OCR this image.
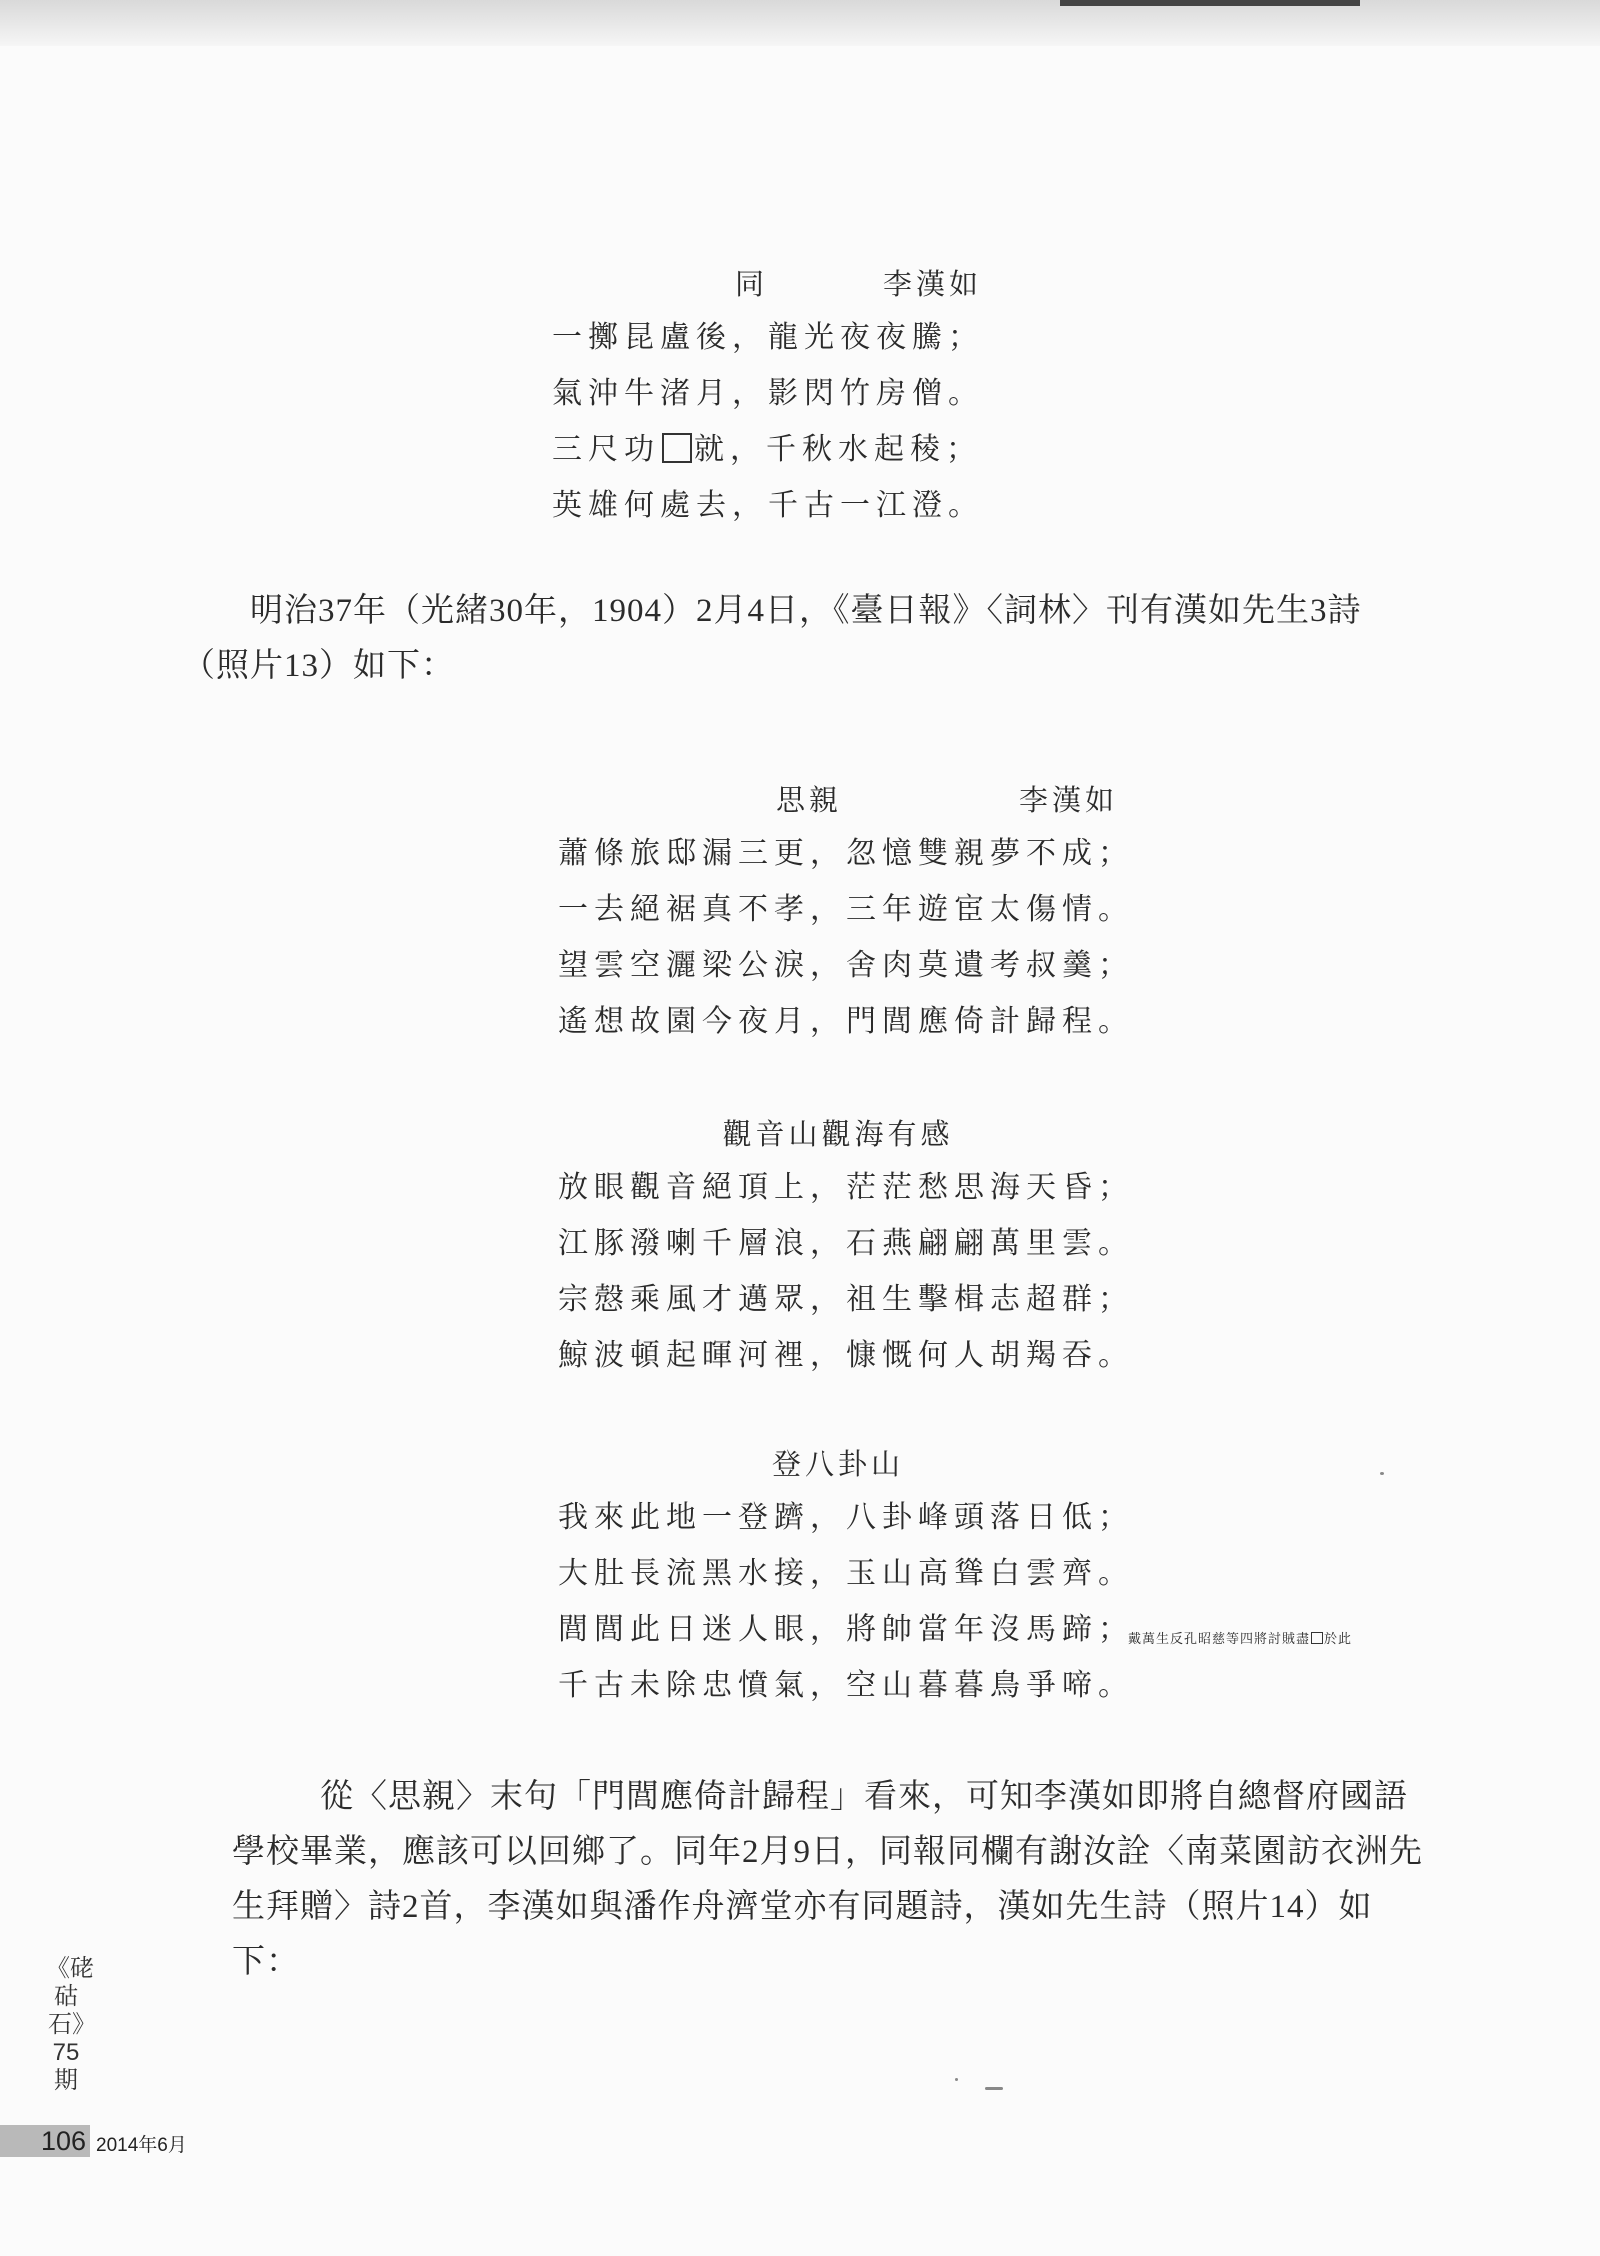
同	李漢如
一擲昆盧後，龍光夜夜騰；
氣沖牛渚月，影閃竹房僧。
三尺功 就，千秋水起稜；
英雄何處去，千古一江澄。
明治37年（光緒30年，1904）2月4日，《臺日報》〈詞林〉刊有漢如先生3詩（照片13）如下：
思親	李漢如
蕭條旅邸漏三更，忽憶雙親夢不成；
一去絕裾真不孝，三年遊宦太傷情。
望雲空灑梁公淚，舍肉莫遺考叔羹；
遙想故園今夜月，門閭應倚計歸程。
觀音山觀海有感
放眼觀音絕頂上，茫茫愁思海天昏；
江豚潑喇千層浪，石燕翩翩萬里雲。
宗慤乘風才邁眾，祖生擊楫志超群；
鯨波頓起暉河裡，慷慨何人胡羯吞。
登八卦山
我來此地一登躋，八卦峰頭落日低；
大肚長流黑水接，玉山高聳白雲齊。
閭閭此日迷人眼，將帥當年沒馬蹄；
戴萬生反孔昭慈等四將討賊盡 於此
千古未除忠憤氣，空山暮暮鳥爭啼。
從〈思親〉末句「門閭應倚計歸程」看來，可知李漢如即將自總督府國語學校畢業，應該可以回鄉了。同年2月9日，同報同欄有謝汝詮〈南菜園訪衣洲先生拜贈〉詩2首，李漢如與潘作舟濟堂亦有同題詩，漢如先生詩（照片14）如下：
《硓𥑮石》75期
106 2014年6月
